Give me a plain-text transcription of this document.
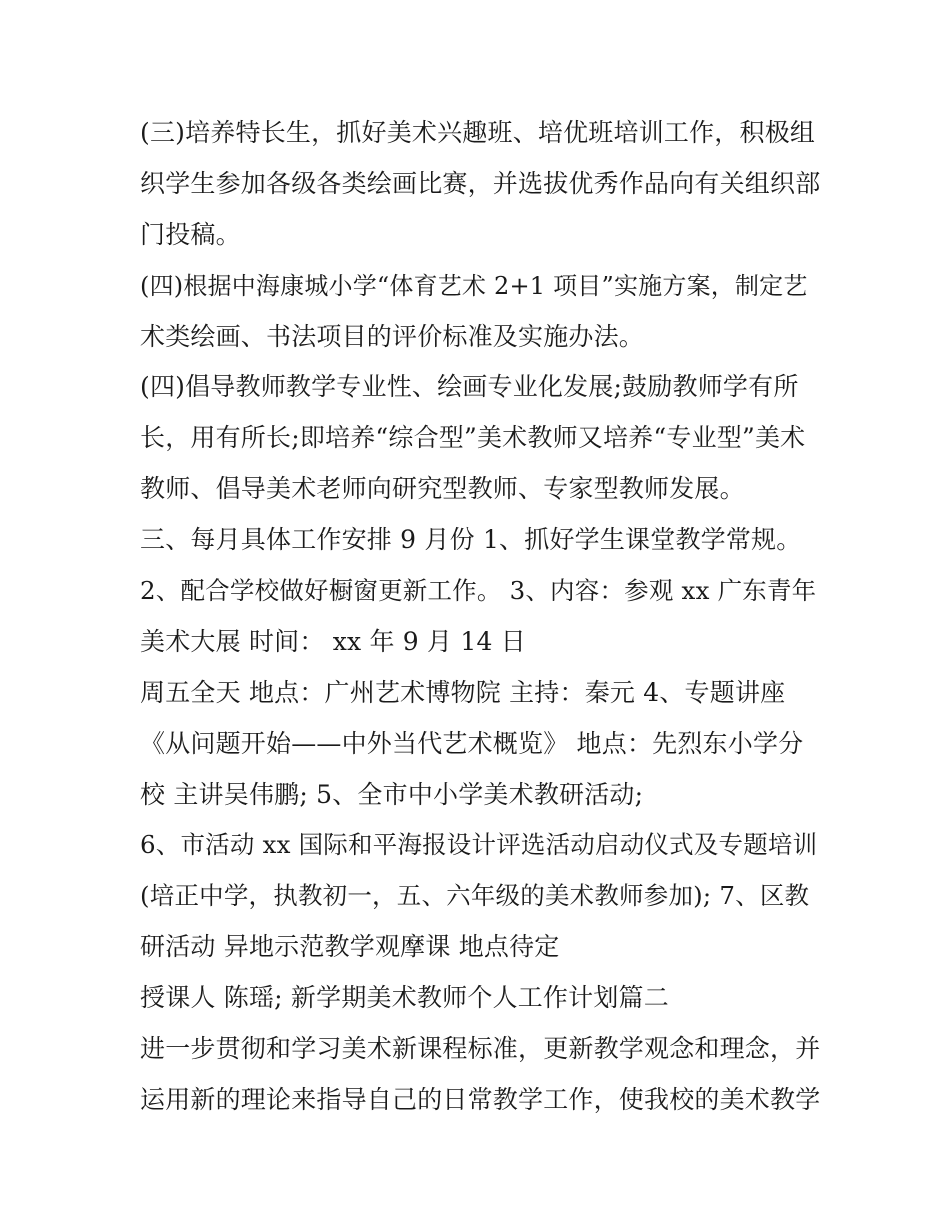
(三)培养特长生，抓好美术兴趣班、培优班培训工作，积极组
织学生参加各级各类绘画比赛，并选拔优秀作品向有关组织部
门投稿。
(四)根据中海康城小学“体育艺术 2+1 项目”实施方案，制定艺
术类绘画、书法项目的评价标准及实施办法。
(四)倡导教师教学专业性、绘画专业化发展;鼓励教师学有所
长，用有所长;即培养“综合型”美术教师又培养“专业型”美术
教师、倡导美术老师向研究型教师、专家型教师发展。
三、每月具体工作安排 9 月份 1、抓好学生课堂教学常规。
2、配合学校做好橱窗更新工作。 3、内容：参观 xx 广东青年
美术大展 时间： xx 年 9 月 14 日
周五全天 地点：广州艺术博物院 主持：秦元 4、专题讲座
《从问题开始——中外当代艺术概览》 地点：先烈东小学分
校 主讲吴伟鹏; 5、全市中小学美术教研活动;
6、市活动 xx 国际和平海报设计评选活动启动仪式及专题培训
(培正中学，执教初一，五、六年级的美术教师参加); 7、区教
研活动 异地示范教学观摩课 地点待定
授课人 陈瑶; 新学期美术教师个人工作计划篇二
进一步贯彻和学习美术新课程标准，更新教学观念和理念，并
运用新的理论来指导自己的日常教学工作，使我校的美术教学
